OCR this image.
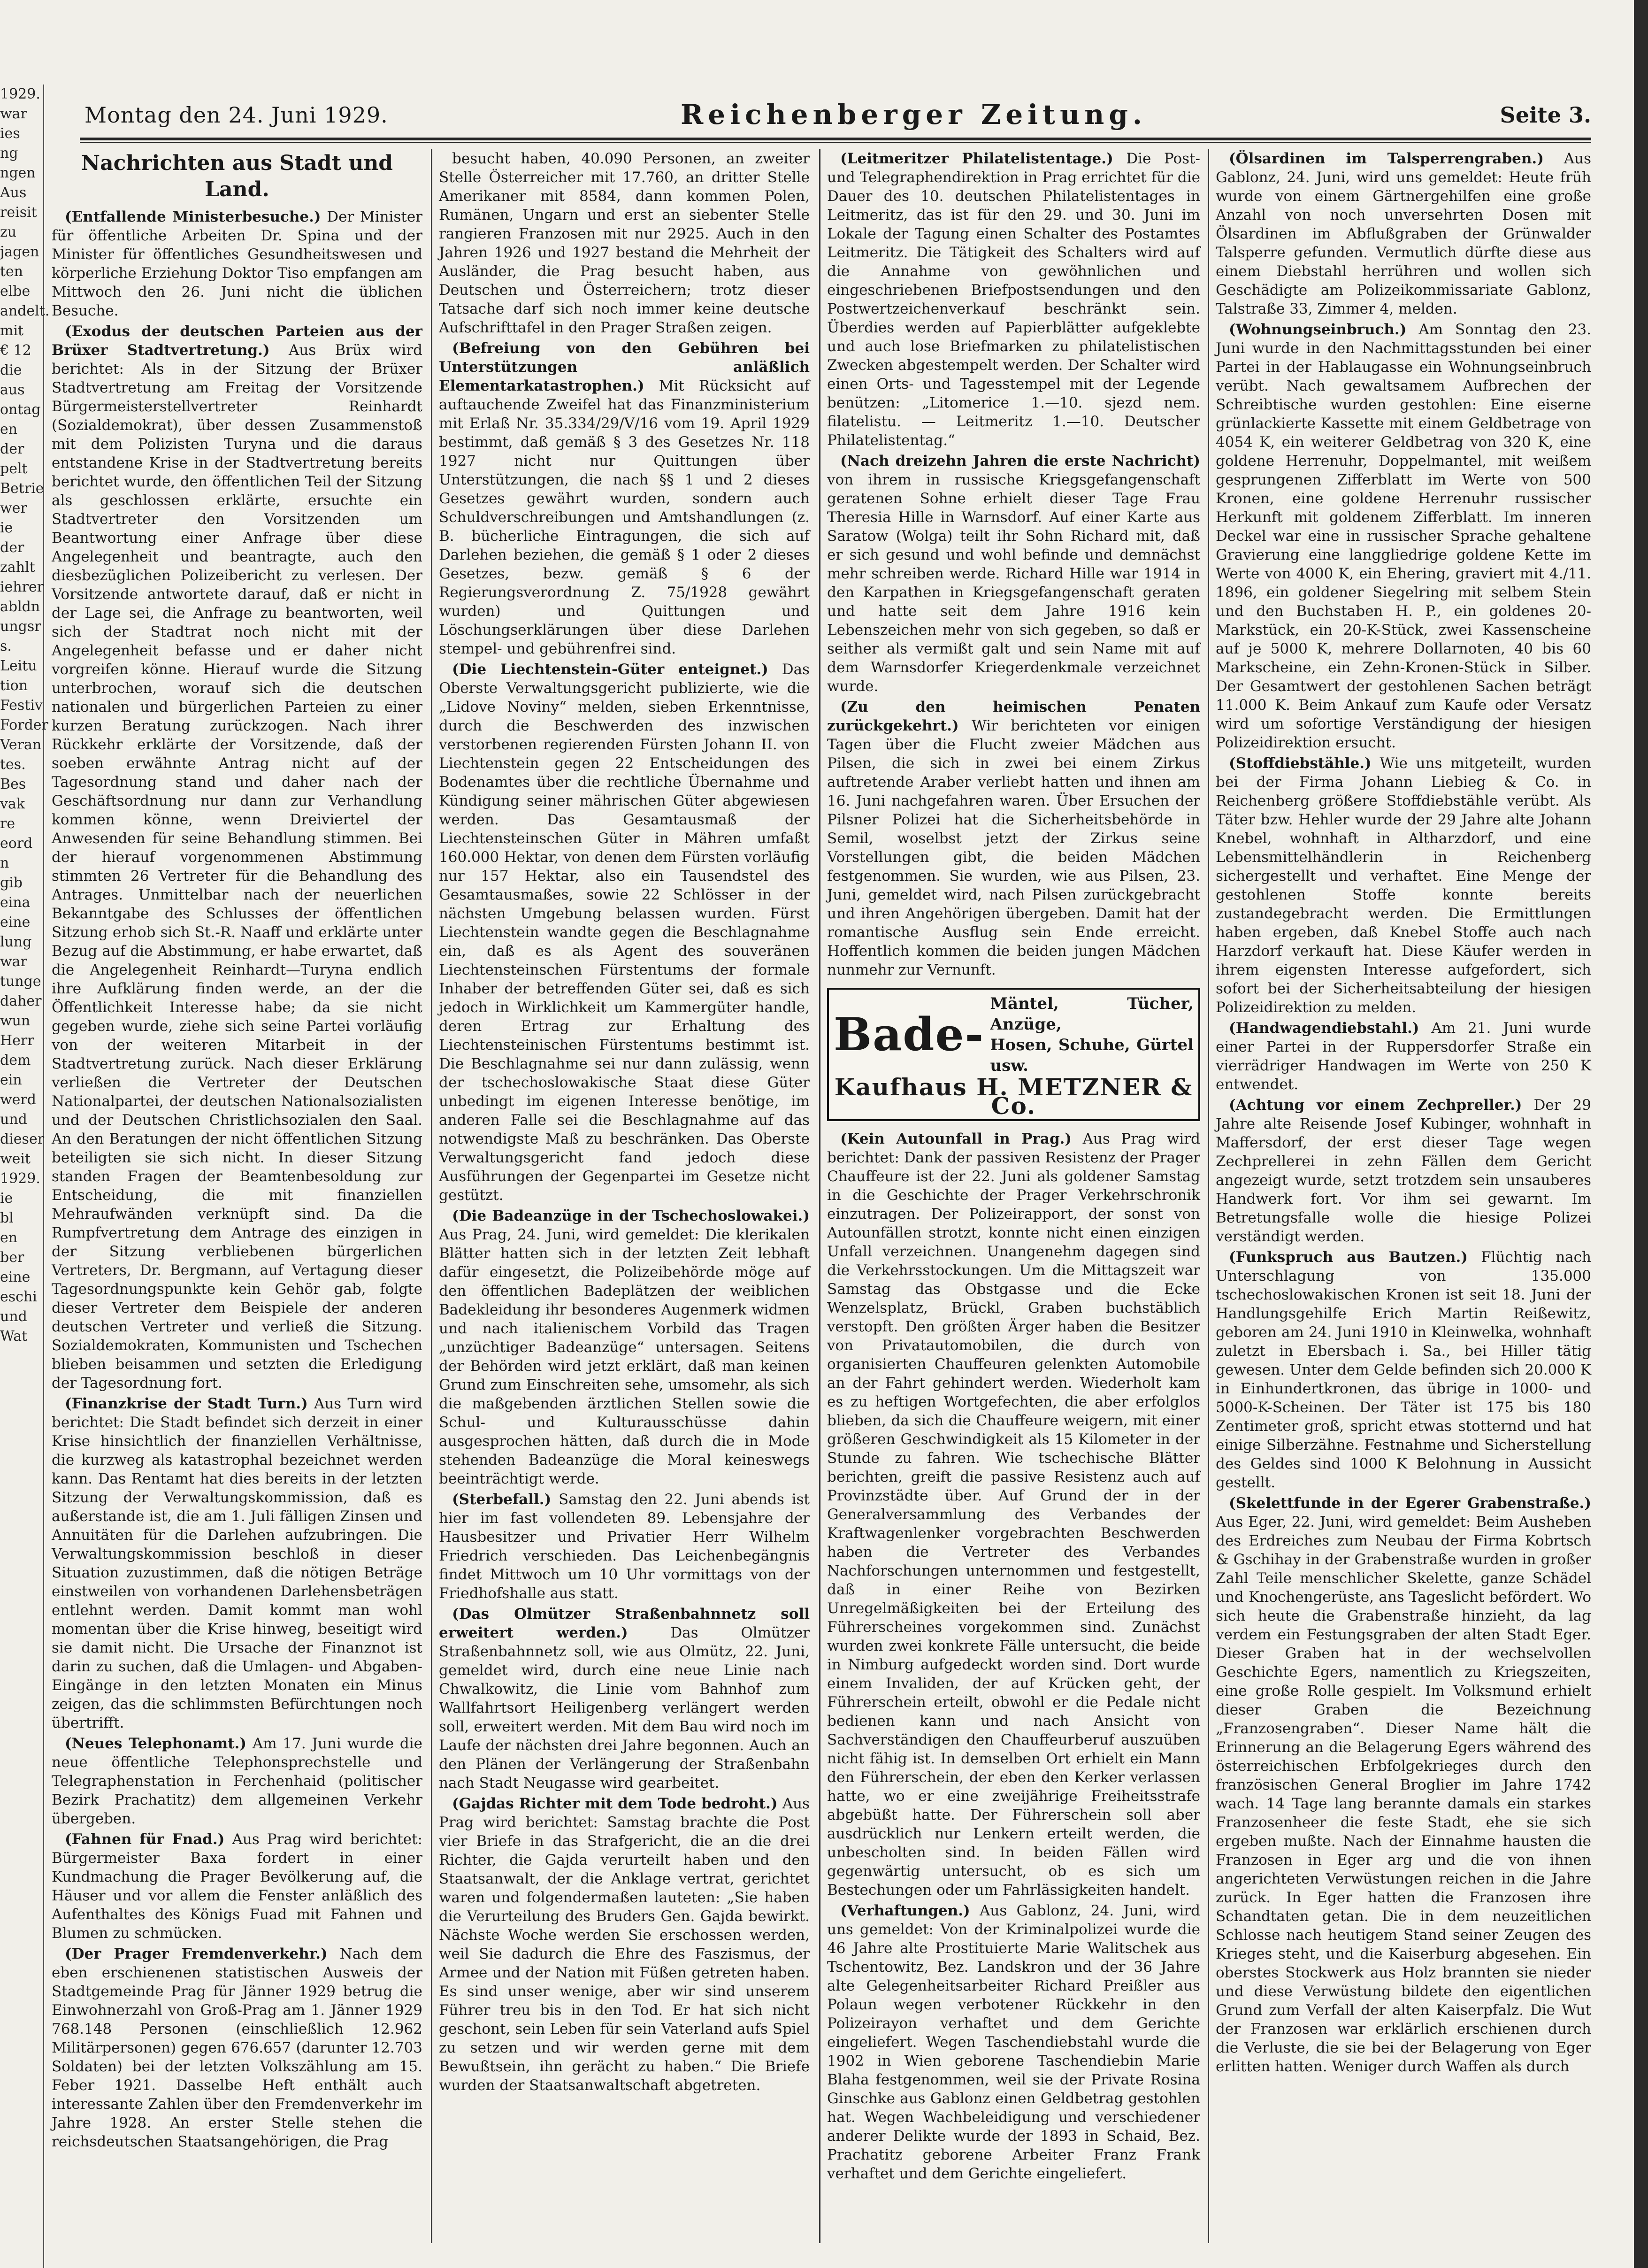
1929.
war
ies
ng
ngen
Aus
reisit
zu
jagen
ten
elbe
andelt.
mit
€ 12
die
aus
ontag
en
der
pelt
Betrie
wer
ie
der
zahlt
iehrer
abldn
ungsr
s.
Leitu
tion
Festiv
Forder
Veran
tes.
Bes
vak
re
eord
n
gib
eina
eine
lung
war
tunge
daher
wun
Herr
dem
ein
werd
und
dieser
weit
1929.
ie
bl
en
ber
eine
eschi
und
Wat
Montag den 24. Juni 1929.	Reichenberger Zeitung.	Seite 3.
Nachrichten aus Stadt und Land.

(Entfallende Ministerbesuche.) Der Minister für öffentliche Arbeiten Dr. Spina und der Minister für öffentliches Gesundheitswesen und körperliche Erziehung Doktor Tiso empfangen am Mittwoch den 26. Juni nicht die üblichen Besuche.

(Exodus der deutschen Parteien aus der Brüxer Stadtvertretung.) Aus Brüx wird berichtet: Als in der Sitzung der Brüxer Stadtvertretung am Freitag der Vorsitzende Bürgermeisterstellvertreter Reinhardt (Sozialdemokrat), über dessen Zusammenstoß mit dem Polizisten Turyna und die daraus entstandene Krise in der Stadtvertretung bereits berichtet wurde, den öffentlichen Teil der Sitzung als geschlossen erklärte, ersuchte ein Stadtvertreter den Vorsitzenden um Beantwortung einer Anfrage über diese Angelegenheit und beantragte, auch den diesbezüglichen Polizeibericht zu verlesen. Der Vorsitzende antwortete darauf, daß er nicht in der Lage sei, die Anfrage zu beantworten, weil sich der Stadtrat noch nicht mit der Angelegenheit befasse und er daher nicht vorgreifen könne. Hierauf wurde die Sitzung unterbrochen, worauf sich die deutschen nationalen und bürgerlichen Parteien zu einer kurzen Beratung zurückzogen. Nach ihrer Rückkehr erklärte der Vorsitzende, daß der soeben erwähnte Antrag nicht auf der Tagesordnung stand und daher nach der Geschäftsordnung nur dann zur Verhandlung kommen könne, wenn Dreiviertel der Anwesenden für seine Behandlung stimmen. Bei der hierauf vorgenommenen Abstimmung stimmten 26 Vertreter für die Behandlung des Antrages. Unmittelbar nach der neuerlichen Bekanntgabe des Schlusses der öffentlichen Sitzung erhob sich St.-R. Naaff und erklärte unter Bezug auf die Abstimmung, er habe erwartet, daß die Angelegenheit Reinhardt—Turyna endlich ihre Aufklärung finden werde, an der die Öffentlichkeit Interesse habe; da sie nicht gegeben wurde, ziehe sich seine Partei vorläufig von der weiteren Mitarbeit in der Stadtvertretung zurück. Nach dieser Erklärung verließen die Vertreter der Deutschen Nationalpartei, der deutschen Nationalsozialisten und der Deutschen Christlichsozialen den Saal. An den Beratungen der nicht öffentlichen Sitzung beteiligten sie sich nicht. In dieser Sitzung standen Fragen der Beamtenbesoldung zur Entscheidung, die mit finanziellen Mehraufwänden verknüpft sind. Da die Rumpfvertretung dem Antrage des einzigen in der Sitzung verbliebenen bürgerlichen Vertreters, Dr. Bergmann, auf Vertagung dieser Tagesordnungspunkte kein Gehör gab, folgte dieser Vertreter dem Beispiele der anderen deutschen Vertreter und verließ die Sitzung. Sozialdemokraten, Kommunisten und Tschechen blieben beisammen und setzten die Erledigung der Tagesordnung fort.

(Finanzkrise der Stadt Turn.) Aus Turn wird berichtet: Die Stadt befindet sich derzeit in einer Krise hinsichtlich der finanziellen Verhältnisse, die kurzweg als katastrophal bezeichnet werden kann. Das Rentamt hat dies bereits in der letzten Sitzung der Verwaltungskommission, daß es außerstande ist, die am 1. Juli fälligen Zinsen und Annuitäten für die Darlehen aufzubringen. Die Verwaltungskommission beschloß in dieser Situation zuzustimmen, daß die nötigen Beträge einstweilen von vorhandenen Darlehensbeträgen entlehnt werden. Damit kommt man wohl momentan über die Krise hinweg, beseitigt wird sie damit nicht. Die Ursache der Finanznot ist darin zu suchen, daß die Umlagen- und Abgaben-Eingänge in den letzten Monaten ein Minus zeigen, das die schlimmsten Befürchtungen noch übertrifft.

(Neues Telephonamt.) Am 17. Juni wurde die neue öffentliche Telephonsprechstelle und Telegraphenstation in Ferchenhaid (politischer Bezirk Prachatitz) dem allgemeinen Verkehr übergeben.

(Fahnen für Fnad.) Aus Prag wird berichtet: Bürgermeister Baxa fordert in einer Kundmachung die Prager Bevölkerung auf, die Häuser und vor allem die Fenster anläßlich des Aufenthaltes des Königs Fuad mit Fahnen und Blumen zu schmücken.

(Der Prager Fremdenverkehr.) Nach dem eben erschienenen statistischen Ausweis der Stadtgemeinde Prag für Jänner 1929 betrug die Einwohnerzahl von Groß-Prag am 1. Jänner 1929 768.148 Personen (einschließlich 12.962 Militärpersonen) gegen 676.657 (darunter 12.703 Soldaten) bei der letzten Volkszählung am 15. Feber 1921. Dasselbe Heft enthält auch interessante Zahlen über den Fremdenverkehr im Jahre 1928. An erster Stelle stehen die reichsdeutschen Staatsangehörigen, die Prag

besucht haben, 40.090 Personen, an zweiter Stelle Österreicher mit 17.760, an dritter Stelle Amerikaner mit 8584, dann kommen Polen, Rumänen, Ungarn und erst an siebenter Stelle rangieren Franzosen mit nur 2925. Auch in den Jahren 1926 und 1927 bestand die Mehrheit der Ausländer, die Prag besucht haben, aus Deutschen und Österreichern; trotz dieser Tatsache darf sich noch immer keine deutsche Aufschrifttafel in den Prager Straßen zeigen.

(Befreiung von den Gebühren bei Unterstützungen anläßlich Elementarkatastrophen.) Mit Rücksicht auf auftauchende Zweifel hat das Finanzministerium mit Erlaß Nr. 35.334/29/V/16 vom 19. April 1929 bestimmt, daß gemäß § 3 des Gesetzes Nr. 118 1927 nicht nur Quittungen über Unterstützungen, die nach §§ 1 und 2 dieses Gesetzes gewährt wurden, sondern auch Schuldverschreibungen und Amtshandlungen (z. B. bücherliche Eintragungen, die sich auf Darlehen beziehen, die gemäß § 1 oder 2 dieses Gesetzes, bezw. gemäß § 6 der Regierungsverordnung Z. 75/1928 gewährt wurden) und Quittungen und Löschungserklärungen über diese Darlehen stempel- und gebührenfrei sind.

(Die Liechtenstein-Güter enteignet.) Das Oberste Verwaltungsgericht publizierte, wie die „Lidove Noviny“ melden, sieben Erkenntnisse, durch die Beschwerden des inzwischen verstorbenen regierenden Fürsten Johann II. von Liechtenstein gegen 22 Entscheidungen des Bodenamtes über die rechtliche Übernahme und Kündigung seiner mährischen Güter abgewiesen werden. Das Gesamtausmaß der Liechtensteinschen Güter in Mähren umfaßt 160.000 Hektar, von denen dem Fürsten vorläufig nur 157 Hektar, also ein Tausendstel des Gesamtausmaßes, sowie 22 Schlösser in der nächsten Umgebung belassen wurden. Fürst Liechtenstein wandte gegen die Beschlagnahme ein, daß es als Agent des souveränen Liechtensteinschen Fürstentums der formale Inhaber der betreffenden Güter sei, daß es sich jedoch in Wirklichkeit um Kammergüter handle, deren Ertrag zur Erhaltung des Liechtensteinischen Fürstentums bestimmt ist. Die Beschlagnahme sei nur dann zulässig, wenn der tschechoslowakische Staat diese Güter unbedingt im eigenen Interesse benötige, im anderen Falle sei die Beschlagnahme auf das notwendigste Maß zu beschränken. Das Oberste Verwaltungsgericht fand jedoch diese Ausführungen der Gegenpartei im Gesetze nicht gestützt.

(Die Badeanzüge in der Tschechoslowakei.) Aus Prag, 24. Juni, wird gemeldet: Die klerikalen Blätter hatten sich in der letzten Zeit lebhaft dafür eingesetzt, die Polizeibehörde möge auf den öffentlichen Badeplätzen der weiblichen Badekleidung ihr besonderes Augenmerk widmen und nach italienischem Vorbild das Tragen „unzüchtiger Badeanzüge“ untersagen. Seitens der Behörden wird jetzt erklärt, daß man keinen Grund zum Einschreiten sehe, umsomehr, als sich die maßgebenden ärztlichen Stellen sowie die Schul- und Kulturausschüsse dahin ausgesprochen hätten, daß durch die in Mode stehenden Badeanzüge die Moral keineswegs beeinträchtigt werde.

(Sterbefall.) Samstag den 22. Juni abends ist hier im fast vollendeten 89. Lebensjahre der Hausbesitzer und Privatier Herr Wilhelm Friedrich verschieden. Das Leichenbegängnis findet Mittwoch um 10 Uhr vormittags von der Friedhofshalle aus statt.

(Das Olmützer Straßenbahnnetz soll erweitert werden.)	Das Olmützer Straßenbahnnetz soll, wie aus Olmütz, 22. Juni, gemeldet wird, durch eine neue Linie nach Chwalkowitz, die Linie vom Bahnhof zum Wallfahrtsort Heiligenberg verlängert werden soll, erweitert werden. Mit dem Bau wird noch im Laufe der nächsten drei Jahre begonnen. Auch an den Plänen der Verlängerung der Straßenbahn nach Stadt Neugasse wird gearbeitet.

(Gajdas Richter mit dem Tode bedroht.) Aus Prag wird berichtet: Samstag brachte die Post vier Briefe in das Strafgericht, die an die drei Richter, die Gajda verurteilt haben und den Staatsanwalt, der die Anklage vertrat, gerichtet waren und folgendermaßen lauteten: „Sie haben die Verurteilung des Bruders Gen. Gajda bewirkt. Nächste Woche werden Sie erschossen werden, weil Sie dadurch die Ehre des Faszismus, der Armee und der Nation mit Füßen getreten haben. Es sind unser wenige, aber wir sind unserem Führer treu bis in den Tod. Er hat sich nicht geschont, sein Leben für sein Vaterland aufs Spiel zu setzen und wir werden gerne mit dem Bewußtsein, ihn gerächt zu haben.“ Die Briefe wurden der Staatsanwaltschaft abgetreten.

(Leitmeritzer Philatelistentage.) Die Post- und Telegraphendirektion in Prag errichtet für die Dauer des 10. deutschen Philatelistentages in Leitmeritz, das ist für den 29. und 30. Juni im Lokale der Tagung einen Schalter des Postamtes Leitmeritz. Die Tätigkeit des Schalters wird auf die Annahme von gewöhnlichen und eingeschriebenen Briefpostsendungen und den Postwertzeichenverkauf beschränkt sein. Überdies werden auf Papierblätter aufgeklebte und auch lose Briefmarken zu philatelistischen Zwecken abgestempelt werden. Der Schalter wird einen Orts- und Tagesstempel mit der Legende benützen: „Litomerice 1.—10. sjezd nem. filatelistu. — Leitmeritz 1.—10. Deutscher Philatelistentag.“

(Nach dreizehn Jahren die erste Nachricht) von ihrem in russische Kriegsgefangenschaft geratenen Sohne erhielt dieser Tage Frau Theresia Hille in Warnsdorf. Auf einer Karte aus Saratow (Wolga) teilt ihr Sohn Richard mit, daß er sich gesund und wohl befinde und demnächst mehr schreiben werde. Richard Hille war 1914 in den Karpathen in Kriegsgefangenschaft geraten und hatte seit dem Jahre 1916 kein Lebenszeichen mehr von sich gegeben, so daß er seither als vermißt galt und sein Name mit auf dem Warnsdorfer Kriegerdenkmale verzeichnet wurde.

(Zu den heimischen Penaten zurückgekehrt.) Wir berichteten vor einigen Tagen über die Flucht zweier Mädchen aus Pilsen, die sich in zwei bei einem Zirkus auftretende Araber verliebt hatten und ihnen am 16. Juni nachgefahren waren. Über Ersuchen der Pilsner Polizei hat die Sicherheitsbehörde in Semil, woselbst jetzt der Zirkus seine Vorstellungen gibt, die beiden Mädchen festgenommen. Sie wurden, wie aus Pilsen, 23. Juni, gemeldet wird, nach Pilsen zurückgebracht und ihren Angehörigen übergeben. Damit hat der romantische Ausflug sein Ende erreicht. Hoffentlich kommen die beiden jungen Mädchen nunmehr zur Vernunft.

Bade-
Mäntel, Tücher, Anzüge,
Hosen, Schuhe, Gürtel usw.
Kaufhaus H. METZNER & Co.

(Kein Autounfall in Prag.) Aus Prag wird berichtet: Dank der passiven Resistenz der Prager Chauffeure ist der 22. Juni als goldener Samstag in die Geschichte der Prager Verkehrschronik einzutragen. Der Polizeirapport, der sonst von Autounfällen strotzt, konnte nicht einen einzigen Unfall verzeichnen. Unangenehm dagegen sind die Verkehrsstockungen. Um die Mittagszeit war Samstag das Obstgasse und die Ecke Wenzelsplatz, Brückl, Graben buchstäblich verstopft. Den größten Ärger haben die Besitzer von Privatautomobilen, die durch von organisierten Chauffeuren gelenkten Automobile an der Fahrt gehindert werden. Wiederholt kam es zu heftigen Wortgefechten, die aber erfolglos blieben, da sich die Chauffeure weigern, mit einer größeren Geschwindigkeit als 15 Kilometer in der Stunde zu fahren. Wie tschechische Blätter berichten, greift die passive Resistenz auch auf Provinzstädte über. Auf Grund der in der Generalversammlung des Verbandes der Kraftwagenlenker vorgebrachten Beschwerden haben die Vertreter des Verbandes Nachforschungen unternommen und festgestellt, daß in einer Reihe von Bezirken Unregelmäßigkeiten bei der Erteilung des Führerscheines vorgekommen sind. Zunächst wurden zwei konkrete Fälle untersucht, die beide in Nimburg aufgedeckt worden sind. Dort wurde einem Invaliden, der auf Krücken geht, der Führerschein erteilt, obwohl er die Pedale nicht bedienen kann und nach Ansicht von Sachverständigen den Chauffeurberuf auszuüben nicht fähig ist. In demselben Ort erhielt ein Mann den Führerschein, der eben den Kerker verlassen hatte, wo er eine zweijährige Freiheitsstrafe abgebüßt hatte. Der Führerschein soll aber ausdrücklich nur Lenkern erteilt werden, die unbescholten sind. In beiden Fällen wird gegenwärtig untersucht, ob es sich um Bestechungen oder um Fahrlässigkeiten handelt.

(Verhaftungen.) Aus Gablonz, 24. Juni, wird uns gemeldet: Von der Kriminalpolizei wurde die 46 Jahre alte Prostituierte Marie Walitschek aus Tschentowitz, Bez. Landskron und der 36 Jahre alte Gelegenheitsarbeiter Richard Preißler aus Polaun wegen verbotener Rückkehr in den Polizeirayon verhaftet und dem Gerichte eingeliefert. Wegen Taschendiebstahl wurde die 1902 in Wien geborene Taschendiebin Marie Blaha festgenommen, weil sie der Private Rosina Ginschke aus Gablonz einen Geldbetrag gestohlen hat. Wegen Wachbeleidigung und verschiedener anderer Delikte wurde der 1893 in Schaid, Bez. Prachatitz geborene Arbeiter Franz Frank verhaftet und dem Gerichte eingeliefert.

(Ölsardinen im Talsperrengraben.) Aus Gablonz, 24. Juni, wird uns gemeldet: Heute früh wurde von einem Gärtnergehilfen eine große Anzahl von noch unversehrten Dosen mit Ölsardinen im Abflußgraben der Grünwalder Talsperre gefunden. Vermutlich dürfte diese aus einem Diebstahl herrühren und wollen sich Geschädigte am Polizeikommissariate Gablonz, Talstraße 33, Zimmer 4, melden.

(Wohnungseinbruch.) Am Sonntag den 23. Juni wurde in den Nachmittagsstunden bei einer Partei in der Hablaugasse ein Wohnungseinbruch verübt. Nach gewaltsamem Aufbrechen der Schreibtische wurden gestohlen: Eine eiserne grünlackierte Kassette mit einem Geldbetrage von 4054 K, ein weiterer Geldbetrag von 320 K, eine goldene Herrenuhr, Doppelmantel, mit weißem gesprungenen Zifferblatt im Werte von 500 Kronen, eine goldene Herrenuhr russischer Herkunft mit goldenem Zifferblatt. Im inneren Deckel war eine in russischer Sprache gehaltene Gravierung eine langgliedrige goldene Kette im Werte von 4000 K, ein Ehering, graviert mit 4./11. 1896, ein goldener Siegelring mit selbem Stein und den Buchstaben H. P., ein goldenes 20-Markstück, ein 20-K-Stück, zwei Kassenscheine auf je 5000 K, mehrere Dollarnoten, 40 bis 60 Markscheine, ein Zehn-Kronen-Stück in Silber. Der Gesamtwert der gestohlenen Sachen beträgt 11.000 K. Beim Ankauf zum Kaufe oder Versatz wird um sofortige Verständigung der hiesigen Polizeidirektion ersucht.

(Stoffdiebstähle.) Wie uns mitgeteilt, wurden bei der Firma Johann Liebieg & Co. in Reichenberg größere Stoffdiebstähle verübt. Als Täter bzw. Hehler wurde der 29 Jahre alte Johann Knebel, wohnhaft in Altharzdorf, und eine Lebensmittelhändlerin in Reichenberg sichergestellt und verhaftet. Eine Menge der gestohlenen Stoffe konnte bereits zustandegebracht werden. Die Ermittlungen haben ergeben, daß Knebel Stoffe auch nach Harzdorf verkauft hat. Diese Käufer werden in ihrem eigensten Interesse aufgefordert, sich sofort bei der Sicherheitsabteilung der hiesigen Polizeidirektion zu melden.

(Handwagendiebstahl.) Am 21. Juni wurde einer Partei in der Ruppersdorfer Straße ein vierrädriger Handwagen im Werte von 250 K entwendet.

(Achtung vor einem Zechpreller.) Der 29 Jahre alte Reisende Josef Kubinger, wohnhaft in Maffersdorf, der erst dieser Tage wegen Zechprellerei in zehn Fällen dem Gericht angezeigt wurde, setzt trotzdem sein unsauberes Handwerk fort. Vor ihm sei gewarnt. Im Betretungsfalle wolle die hiesige Polizei verständigt werden.

(Funkspruch aus Bautzen.) Flüchtig nach Unterschlagung von 135.000 tschechoslowakischen Kronen ist seit 18. Juni der Handlungsgehilfe Erich Martin Reißewitz, geboren am 24. Juni 1910 in Kleinwelka, wohnhaft zuletzt in Ebersbach i. Sa., bei Hiller tätig gewesen. Unter dem Gelde befinden sich 20.000 K in Einhundertkronen, das übrige in 1000- und 5000-K-Scheinen. Der Täter ist 175 bis 180 Zentimeter groß, spricht etwas stotternd und hat einige Silberzähne. Festnahme und Sicherstellung des Geldes sind 1000 K Belohnung in Aussicht gestellt.

(Skelettfunde in der Egerer Grabenstraße.) Aus Eger, 22. Juni, wird gemeldet: Beim Ausheben des Erdreiches zum Neubau der Firma Kobrtsch & Gschihay in der Grabenstraße wurden in großer Zahl Teile menschlicher Skelette, ganze Schädel und Knochengerüste, ans Tageslicht befördert. Wo sich heute die Grabenstraße hinzieht, da lag verdem ein Festungsgraben der alten Stadt Eger. Dieser Graben hat in der wechselvollen Geschichte Egers, namentlich zu Kriegszeiten, eine große Rolle gespielt. Im Volksmund erhielt dieser Graben die Bezeichnung „Franzosengraben“. Dieser Name hält die Erinnerung an die Belagerung Egers während des österreichischen Erbfolgekrieges durch den französischen General Broglier im Jahre 1742 wach. 14 Tage lang berannte damals ein starkes Franzosenheer die feste Stadt, ehe sie sich ergeben mußte. Nach der Einnahme hausten die Franzosen in Eger arg und die von ihnen angerichteten Verwüstungen reichen in die Jahre zurück. In Eger hatten die Franzosen ihre Schandtaten getan. Die in dem neuzeitlichen Schlosse nach heutigem Stand seiner Zeugen des Krieges steht, und die Kaiserburg abgesehen. Ein oberstes Stockwerk aus Holz brannten sie nieder und diese Verwüstung bildete den eigentlichen Grund zum Verfall der alten Kaiserpfalz. Die Wut der Franzosen war erklärlich erschienen durch die Verluste, die sie bei der Belagerung von Eger erlitten hatten. Weniger durch Waffen als durch
